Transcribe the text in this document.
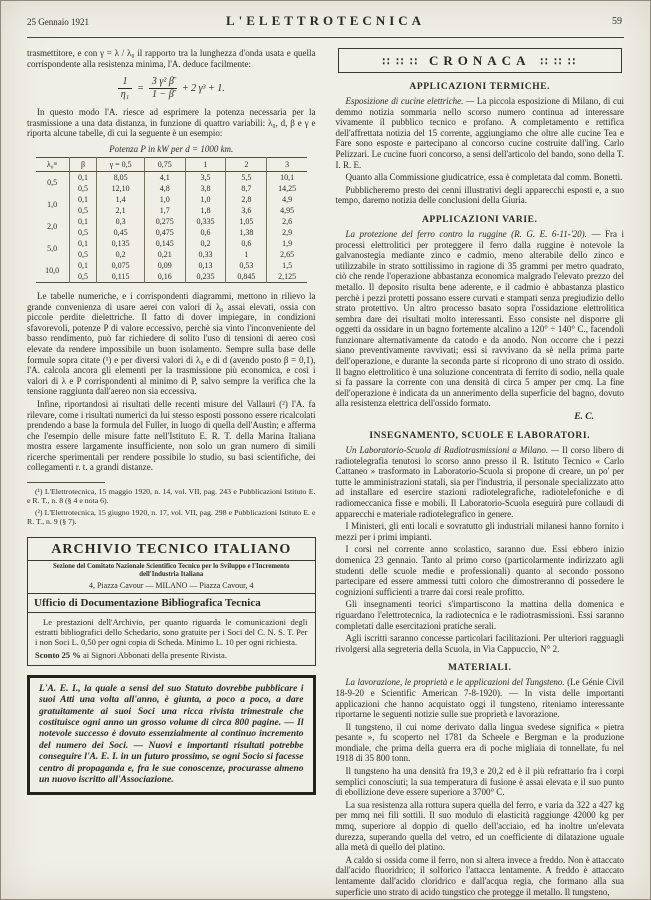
25 Gennaio 1921	L'ELETTROTECNICA	59

trasmettitore, e con γ = λ / λ₀ il rapporto tra la lunghezza d'onda usata e quella corrispondente alla resistenza minima, l'A. deduce facilmente:

$\frac{1}{\text{η₁}} = \frac{\text{3 γ² β̄}}{1 - \betā} + 2$ γ³ + 1.

In questo modo l'A. riesce ad esprimere la potenza necessaria per la trasmissione a una data distanza, in funzione di quattro variabili: λ₀, d, β e γ e riporta alcune tabelle, di cui la seguente è un esempio:

Potenza P in kW per d = 1000 km.
λ₀ᵐ	β	γ = 0,5	0,75	1	2	3
0,5	0,1	8,05	4,1	3,5	5,5	10,1
	0,5	12,10	4,8	3,8	8,7	14,25
1,0	0,1	1,4	1,0	1,0	2,8	4,9
	0,5	2,1	1,7	1,8	3,6	4,95
2,0	0,1	0,3	0,275	0,335	1,05	2,6
	0,5	0,45	0,475	0,6	1,38	2,9
5,0	0,1	0,135	0,145	0,2	0,6	1,9
	0,5	0,2	0,21	0,33	1	2,65
10,0	0,1	0,075	0,09	0,13	0,53	1,5
	0,5	0,115	0,16	0,235	0,845	2,125

Le tabelle numeriche, e i corrispondenti diagrammi, mettono in rilievo la grande convenienza di usare aerei con valori di λ₀ assai elevati, ossia con piccole perdite dielettriche. Il fatto di dover impiegare, in condizioni sfavorevoli, potenze P di valore eccessivo, perchè sia vinto l'inconveniente del basso rendimento, può far richiedere di solito l'uso di tensioni di aereo così elevate da rendere impossibile un buon isolamento. Sempre sulla base delle formule sopra citate (¹) e per diversi valori di λ₀ e di d (avendo posto β = 0,1), l'A. calcola ancora gli elementi per la trasmissione più economica, e così i valori di λ e P corrispondenti al minimo di P, salvo sempre la verifica che la tensione raggiunta dall'aereo non sia eccessiva.

Infine, riportandosi ai risultati delle recenti misure del Vallauri (²) l'A. fa rilevare, come i risultati numerici da lui stesso esposti possono essere ricalcolati prendendo a base la formula del Fuller, in luogo di quella dell'Austin; e afferma che l'esempio delle misure fatte nell'Istituto E. R. T. della Marina Italiana mostra essere largamente insufficiente, non solo un gran numero di simili ricerche sperimentali per rendere possibile lo studio, su basi scientifiche, dei collegamenti r. t. a grandi distanze.

(¹) L'Elettrotecnica, 15 maggio 1920, n. 14, vol. VII, pag. 243 e Pubblicazioni Istituto E. e R. T., n. 8 (§ 4 e nota 6).

(²) L'Elettrotecnica, 15 giugno 1920, n. 17, vol. VII, pag. 298 e Pubblicazioni Istituto E. e R. T., n. 9 (§ 7).

ARCHIVIO TECNICO ITALIANO

Sezione del Comitato Nazionale Scientifico Tecnico per lo Sviluppo e l'Incremento dell'Industria Italiana

4, Piazza Cavour — MILANO — Piazza Cavour, 4

Ufficio di Documentazione Bibliografica Tecnica

Le prestazioni dell'Archivio, per quanto riguarda le comunicazioni degli estratti bibliografici dello Schedario, sono gratuite per i Soci del C. N. S. T. Per i non Soci L. 0,50 per ogni copia di Scheda. Minimo L. 10 per ogni richiesta.

Sconto 25 % ai Signori Abbonati della presente Rivista.

L'A. E. I., la quale a sensi del suo Statuto dovrebbe pubblicare i suoi Atti una volta all'anno, è giunta, a poco a poco, a dare gratuitamente ai suoi Soci una ricca rivista trimestrale che costituisce ogni anno un grosso volume di circa 800 pagine. — Il notevole successo è dovuto essenzialmente al continuo incremento del numero dei Soci. — Nuovi e importanti risultati potrebbe conseguire l'A. E. I. in un futuro prossimo, se ogni Socio si facesse centro di propaganda e, fra le sue conoscenze, procurasse almeno un nuovo iscritto all'Associazione.

∷ ∷ ∷ CRONACA ∷ ∷ ∷
APPLICAZIONI TERMICHE.

Esposizione di cucine elettriche. — La piccola esposizione di Milano, di cui demmo notizia sommaria nello scorso numero continua ad interessare vivamente il pubblico tecnico e profano. A completamento e rettifica dell'affrettata notizia del 15 corrente, aggiungiamo che oltre alle cucine Tea e Fare sono esposte e partecipano al concorso cucine costruite dall'ing. Carlo Pelizzari. Le cucine fuori concorso, a sensi dell'articolo del bando, sono della T. I. R. E.

Quanto alla Commissione giudicatrice, essa è completata dal comm. Bonetti.

Pubblicheremo presto dei cenni illustrativi degli apparecchi esposti e, a suo tempo, daremo notizia delle conclusioni della Giuria.

APPLICAZIONI VARIE.

La protezione del ferro contro la ruggine (R. G. E. 6-11-'20). — Fra i processi elettrolitici per proteggere il ferro dalla ruggine è notevole la galvanostegia mediante zinco e cadmio, meno alterabile dello zinco e utilizzabile in strato sottilissimo in ragione di 35 grammi per metro quadrato, ciò che rende l'operazione abbastanza economica malgrado l'elevato prezzo del metallo. Il deposito risulta bene aderente, e il cadmio è abbastanza plastico perchè i pezzi protetti possano essere curvati e stampati senza pregiudizio dello strato protettivo. Un altro processo basato sopra l'ossidazione elettrolitica sembra dare dei risultati molto interessanti. Esso consiste nel disporre gli oggetti da ossidare in un bagno fortemente alcalino a 120° ÷ 140° C., facendoli funzionare alternativamente da catodo e da anodo. Non occorre che i pezzi siano preventivamente ravvivati; essi si ravvivano da sè nella prima parte dell'operazione, e durante la seconda parte si ricoprono di uno strato di ossido. Il bagno elettrolitico è una soluzione concentrata di ferrito di sodio, nella quale si fa passare la corrente con una densità di circa 5 amper per cmq. La fine dell'operazione è indicata da un annerimento della superficie del bagno, dovuto alla resistenza elettrica dell'ossido formato.

E. C.
INSEGNAMENTO, SCUOLE E LABORATORI.

Un Laboratorio-Scuola di Radiotrasmissioni a Milano. — Il corso libero di radiotelegrafia tenutosi lo scorso anno presso il R. Istituto Tecnico « Carlo Cattaneo » trasformato in Laboratorio-Scuola si propone di creare, un po' per tutte le amministrazioni statali, sia per l'industria, il personale specializzato atto ad installare ed esercire stazioni radiotelegrafiche, radiotelefoniche e di radiomeccanica fisse e mobili. Il Laboratorio-Scuola eseguirà pure collaudi di apparecchi e materiale radiotelegrafico in genere.

I Ministeri, gli enti locali e sovratutto gli industriali milanesi hanno fornito i mezzi per i primi impianti.

I corsi nel corrente anno scolastico, saranno due. Essi ebbero inizio domenica 23 gennaio. Tanto al primo corso (particolarmente indirizzato agli studenti delle scuole medie e professionali) quanto al secondo possono partecipare ed essere ammessi tutti coloro che dimostreranno di possedere le cognizioni sufficienti a trarre dai corsi reale profitto.

Gli insegnamenti teorici s'impartiscono la mattina della domenica e riguardano l'elettrotecnica, la radiotecnica e le radiotrasmissioni. Essi saranno completati dalle esercitazioni pratiche serali.

Agli iscritti saranno concesse particolari facilitazioni. Per ulteriori ragguagli rivolgersi alla segreteria della Scuola, in Via Cappuccio, N° 2.

MATERIALI.

La lavorazione, le proprietà e le applicazioni del Tungsteno. (Le Génie Civil 18-9-20 e Scientific American 7-8-1920). — In vista delle importanti applicazioni che hanno acquistato oggi il tungsteno, riteniamo interessante riportarne le seguenti notizie sulle sue proprietà e lavorazione.

Il tungsteno, il cui nome derivato dalla lingua svedese significa « pietra pesante », fu scoperto nel 1781 da Scheele e Bergman e la produzione mondiale, che prima della guerra era di poche migliaia di tonnellate, fu nel 1918 di 35 800 tonn.

Il tungsteno ha una densità fra 19,3 e 20,2 ed è il più refrattario fra i corpi semplici conosciuti; la sua temperatura di fusione è assai elevata e il suo punto di ebollizione deve essere superiore a 3700° C.

La sua resistenza alla rottura supera quella del ferro, e varia da 322 a 427 kg per mmq nei fili sottili. Il suo modulo di elasticità raggiunge 42000 kg per mmq, superiore al doppio di quello dell'acciaio, ed ha inoltre un'elevata durezza, superando quella del vetro, ed un coefficiente di dilatazione uguale alla metà di quello del platino.

A caldo si ossida come il ferro, non si altera invece a freddo. Non è attaccato dall'acido fluoridrico; il solforico l'attacca lentamente. A freddo è attaccato lentamente dall'acido cloridrico e dall'acqua regia, che formano alla sua superficie uno strato di acido tungstico che protegge il metallo. Il tungsteno,
